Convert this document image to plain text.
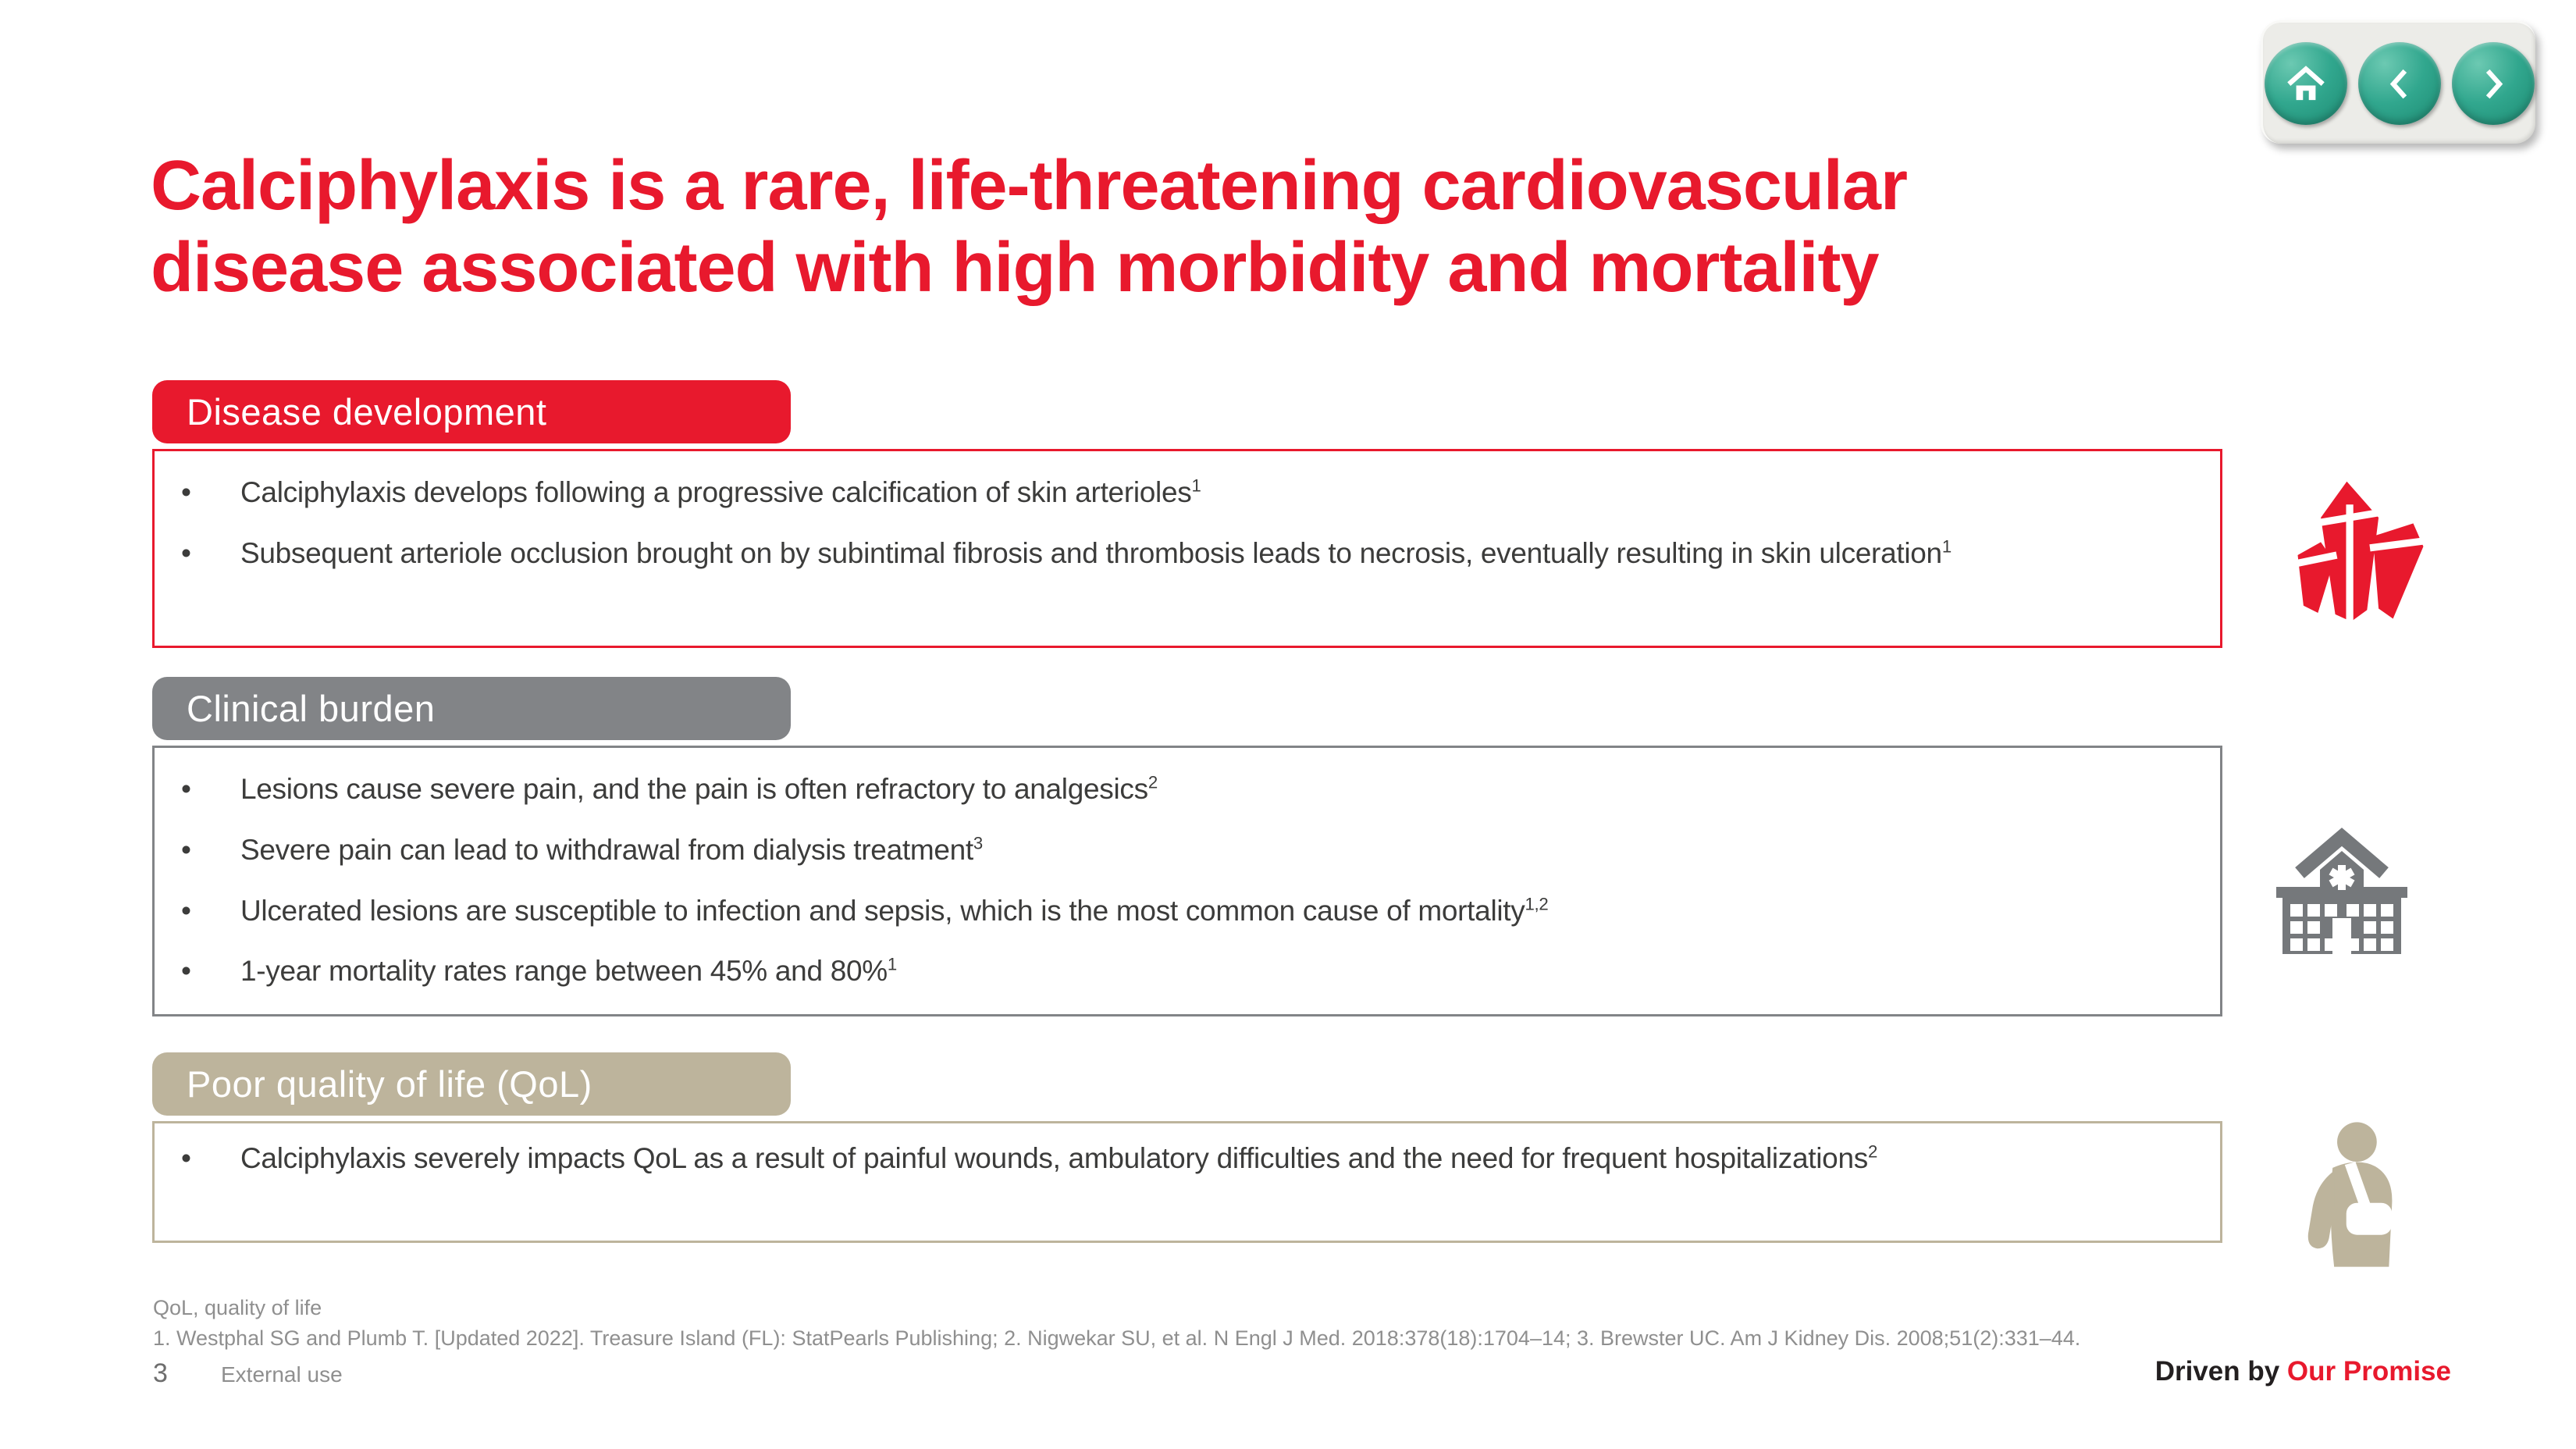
Calciphylaxis is a rare, life-threatening cardiovascular
disease associated with high morbidity and mortality
Disease development
• Calciphylaxis develops following a progressive calcification of skin arterioles$^1$
• Subsequent arteriole occlusion brought on by subintimal fibrosis and thrombosis leads to necrosis, eventually resulting in skin ulceration$^1$
Clinical burden
• Lesions cause severe pain, and the pain is often refractory to analgesics$^2$
• Severe pain can lead to withdrawal from dialysis treatment$^3$
• Ulcerated lesions are susceptible to infection and sepsis, which is the most common cause of mortality$^{1,2}$
• 1-year mortality rates range between 45% and 80%$^1$
Poor quality of life (QoL)
• Calciphylaxis severely impacts QoL as a result of painful wounds, ambulatory difficulties and the need for frequent hospitalizations$^2$
QoL, quality of life
1. Westphal SG and Plumb T. [Updated 2022]. Treasure Island (FL): StatPearls Publishing; 2. Nigwekar SU, et al. N Engl J Med. 2018:378(18):1704–14; 3. Brewster UC. Am J Kidney Dis. 2008;51(2):331–44.
3 External use	Driven by Our Promise
